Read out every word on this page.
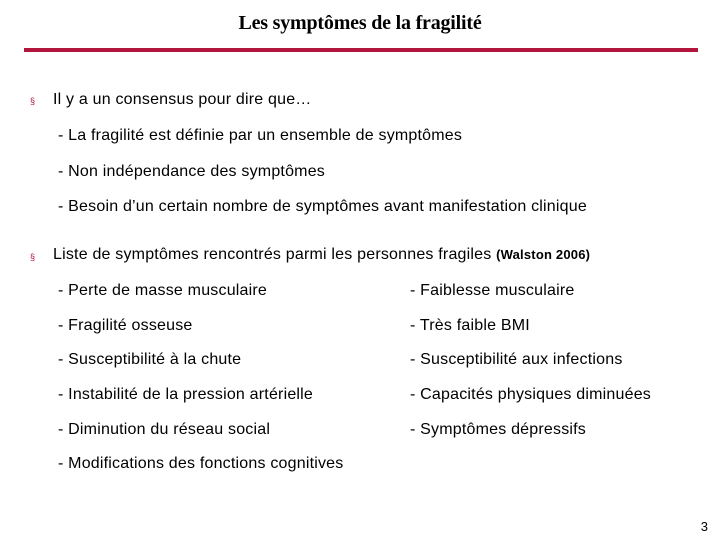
Les symptômes de la fragilité
§ Il y a un consensus pour dire que…
- La fragilité est définie par un ensemble de symptômes
- Non indépendance des symptômes
- Besoin d’un certain nombre de symptômes avant manifestation clinique
§ Liste de symptômes rencontrés parmi les personnes fragiles (Walston 2006)
- Perte de masse musculaire
- Fragilité osseuse
- Susceptibilité à la chute
- Instabilité de la pression artérielle
- Diminution du réseau social
- Modifications des fonctions cognitives
- Faiblesse musculaire
- Très faible BMI
- Susceptibilité aux infections
- Capacités physiques diminuées
- Symptômes dépressifs
3
